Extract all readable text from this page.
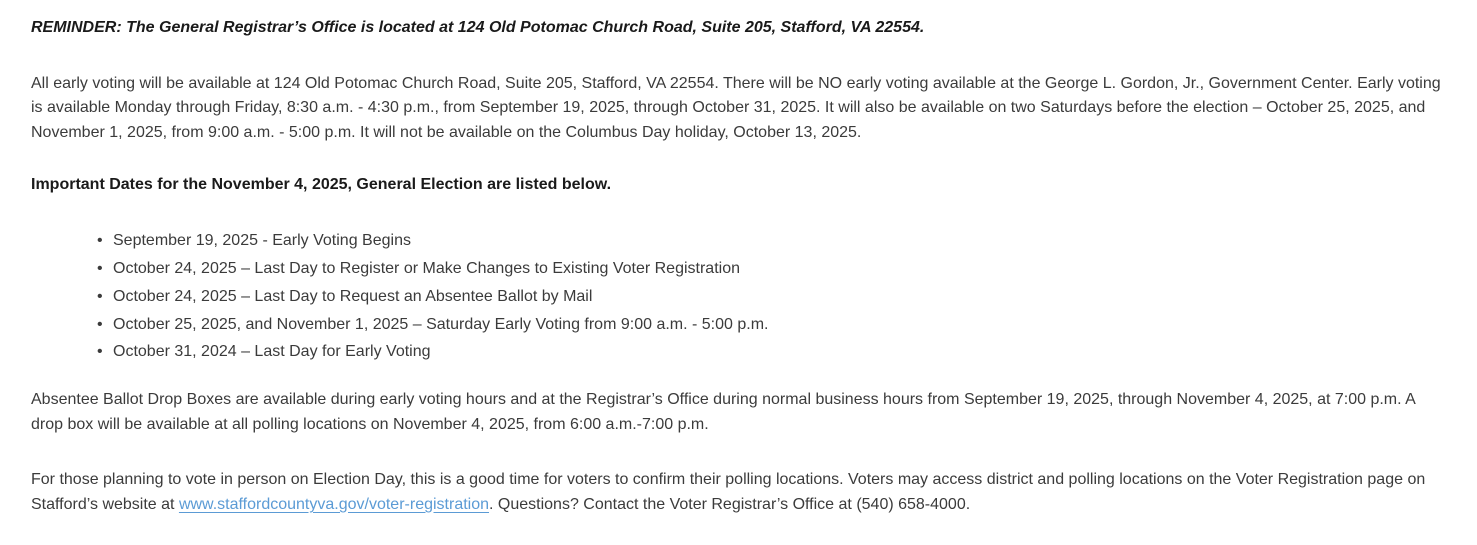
REMINDER: The General Registrar’s Office is located at 124 Old Potomac Church Road, Suite 205, Stafford, VA 22554.

All early voting will be available at 124 Old Potomac Church Road, Suite 205, Stafford, VA 22554. There will be NO early voting available at the George L. Gordon, Jr., Government Center. Early voting is available Monday through Friday, 8:30 a.m. - 4:30 p.m., from September 19, 2025, through October 31, 2025. It will also be available on two Saturdays before the election – October 25, 2025, and November 1, 2025, from 9:00 a.m. - 5:00 p.m. It will not be available on the Columbus Day holiday, October 13, 2025.

Important Dates for the November 4, 2025, General Election are listed below.

• September 19, 2025 - Early Voting Begins
• October 24, 2025 – Last Day to Register or Make Changes to Existing Voter Registration
• October 24, 2025 – Last Day to Request an Absentee Ballot by Mail
• October 25, 2025, and November 1, 2025 – Saturday Early Voting from 9:00 a.m. - 5:00 p.m.
• October 31, 2024 – Last Day for Early Voting

Absentee Ballot Drop Boxes are available during early voting hours and at the Registrar’s Office during normal business hours from September 19, 2025, through November 4, 2025, at 7:00 p.m. A drop box will be available at all polling locations on November 4, 2025, from 6:00 a.m.-7:00 p.m.

For those planning to vote in person on Election Day, this is a good time for voters to confirm their polling locations. Voters may access district and polling locations on the Voter Registration page on Stafford’s website at www.staffordcountyva.gov/voter-registration. Questions? Contact the Voter Registrar’s Office at (540) 658-4000.
